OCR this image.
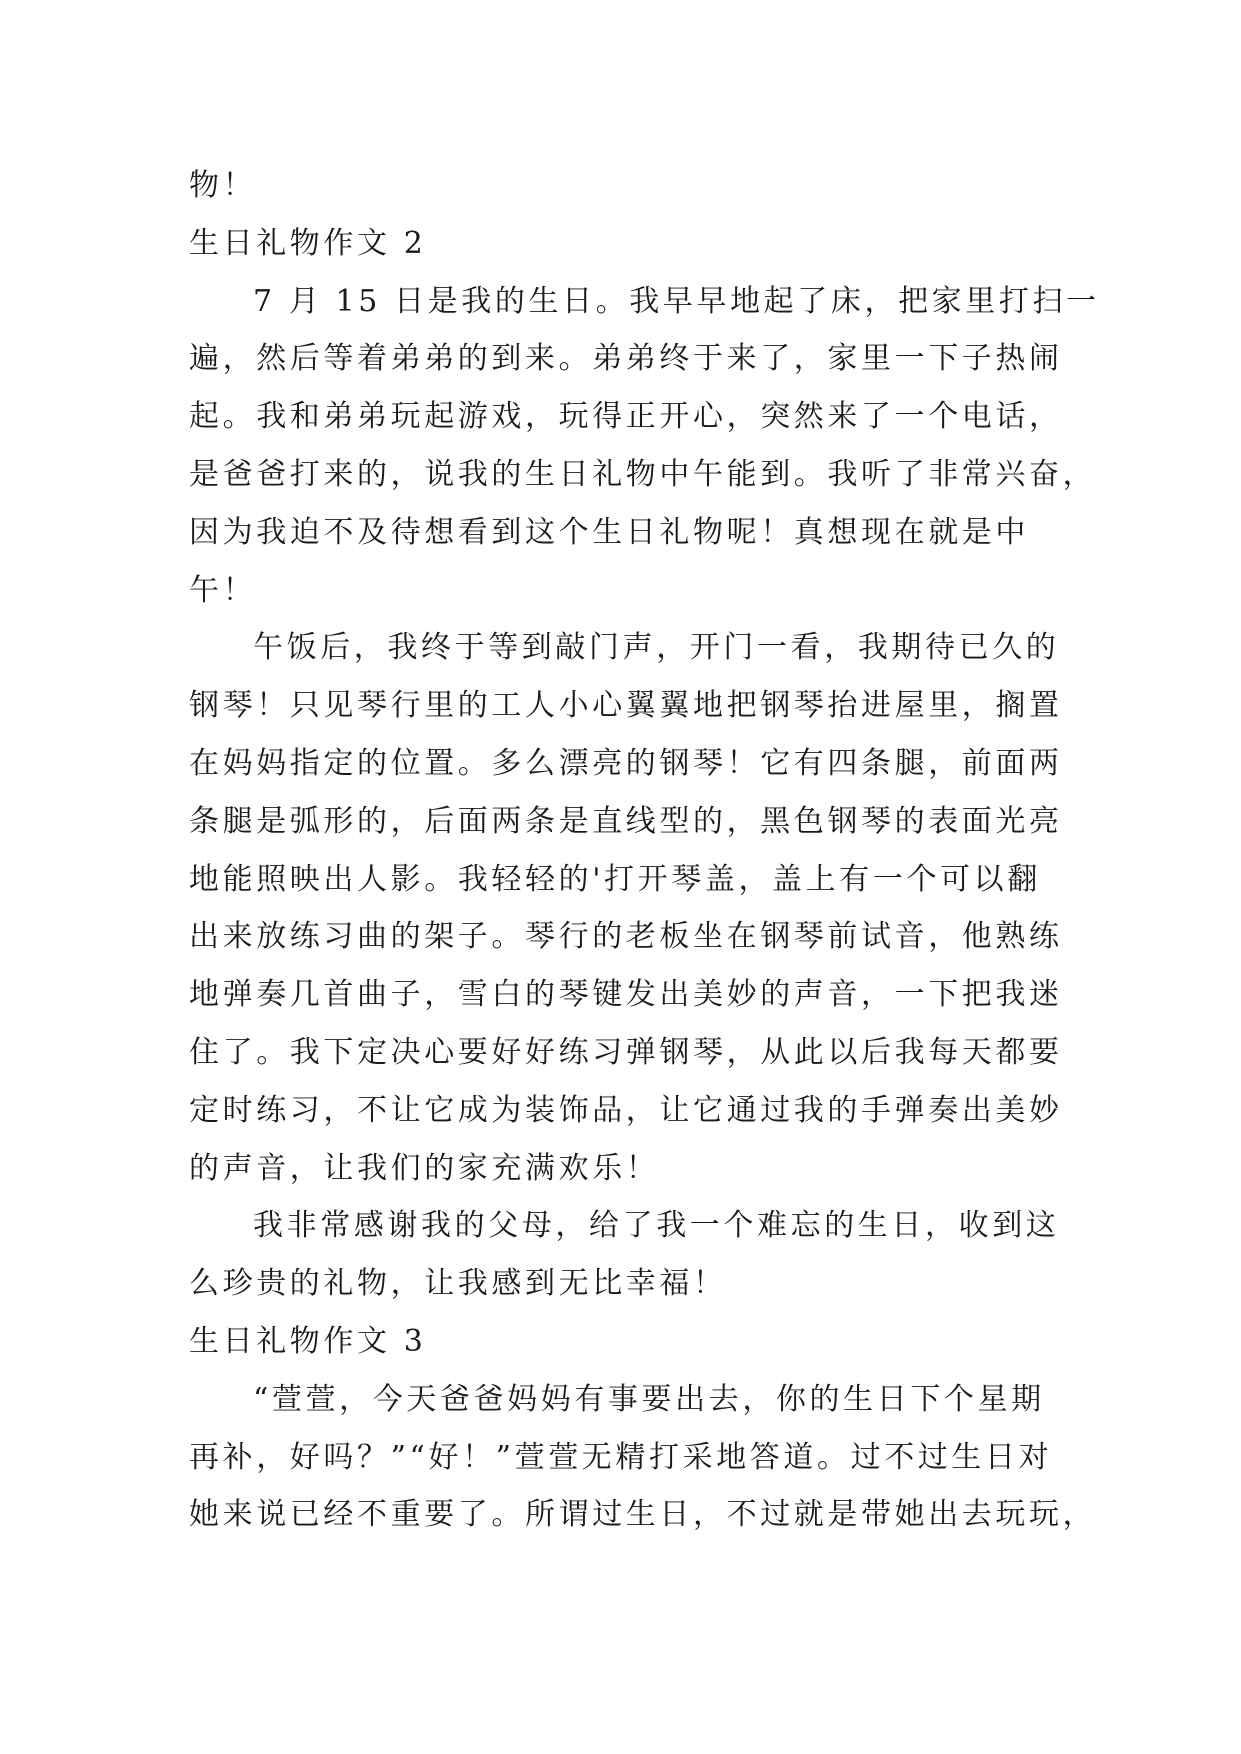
物！
生日礼物作文 2
7 月 15 日是我的生日。我早早地起了床，把家里打扫一
遍，然后等着弟弟的到来。弟弟终于来了，家里一下子热闹
起。我和弟弟玩起游戏，玩得正开心，突然来了一个电话，
是爸爸打来的，说我的生日礼物中午能到。我听了非常兴奋，
因为我迫不及待想看到这个生日礼物呢！真想现在就是中
午！
午饭后，我终于等到敲门声，开门一看，我期待已久的
钢琴！只见琴行里的工人小心翼翼地把钢琴抬进屋里，搁置
在妈妈指定的位置。多么漂亮的钢琴！它有四条腿，前面两
条腿是弧形的，后面两条是直线型的，黑色钢琴的表面光亮
地能照映出人影。我轻轻的'打开琴盖，盖上有一个可以翻
出来放练习曲的架子。琴行的老板坐在钢琴前试音，他熟练
地弹奏几首曲子，雪白的琴键发出美妙的声音，一下把我迷
住了。我下定决心要好好练习弹钢琴，从此以后我每天都要
定时练习，不让它成为装饰品，让它通过我的手弹奏出美妙
的声音，让我们的家充满欢乐！
我非常感谢我的父母，给了我一个难忘的生日，收到这
么珍贵的礼物，让我感到无比幸福！
生日礼物作文 3
“萱萱，今天爸爸妈妈有事要出去，你的生日下个星期
再补，好吗？”“好！”萱萱无精打采地答道。过不过生日对
她来说已经不重要了。所谓过生日，不过就是带她出去玩玩，
